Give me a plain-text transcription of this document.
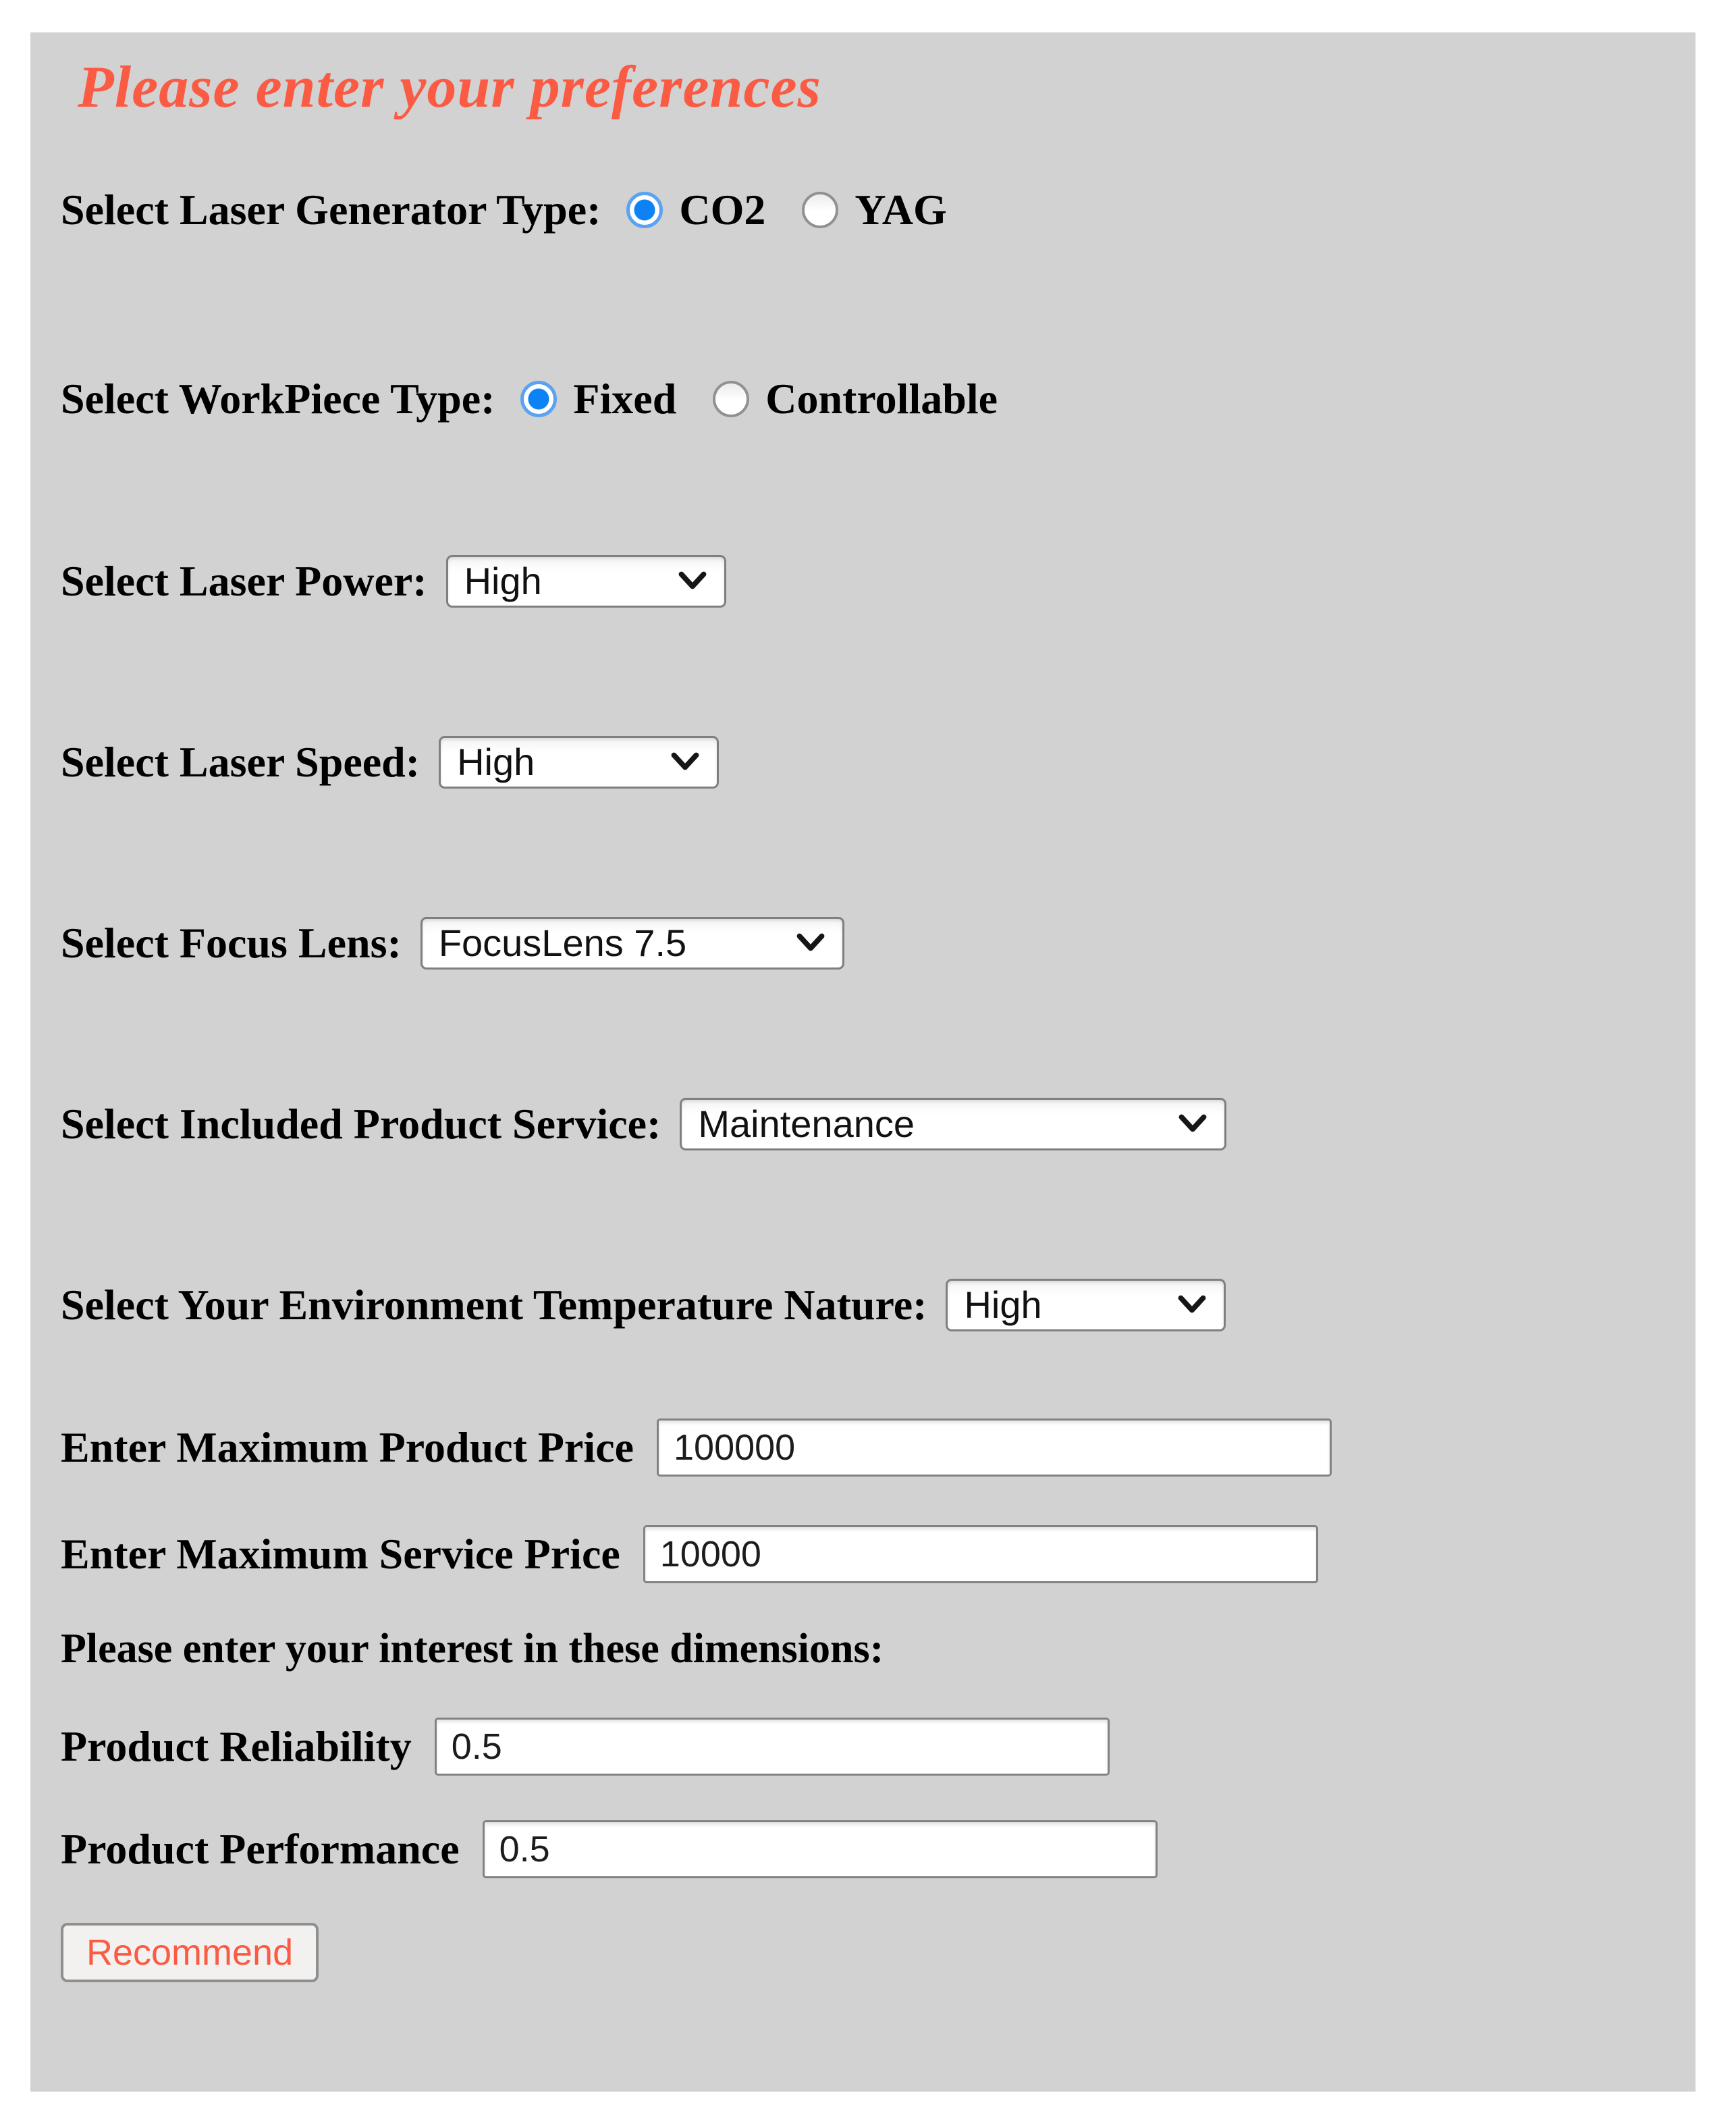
Please enter your preferences
Select Laser Generator Type: CO2 YAG
Select WorkPiece Type: Fixed Controllable
Select Laser Power: High
Select Laser Speed: High
Select Focus Lens: FocusLens 7.5
Select Included Product Service: Maintenance
Select Your Environment Temperature Nature: High
Enter Maximum Product Price
100000
Enter Maximum Service Price
10000

Please enter your interest in these dimensions:

Product Reliability
0.5
Product Performance
0.5
Recommend
